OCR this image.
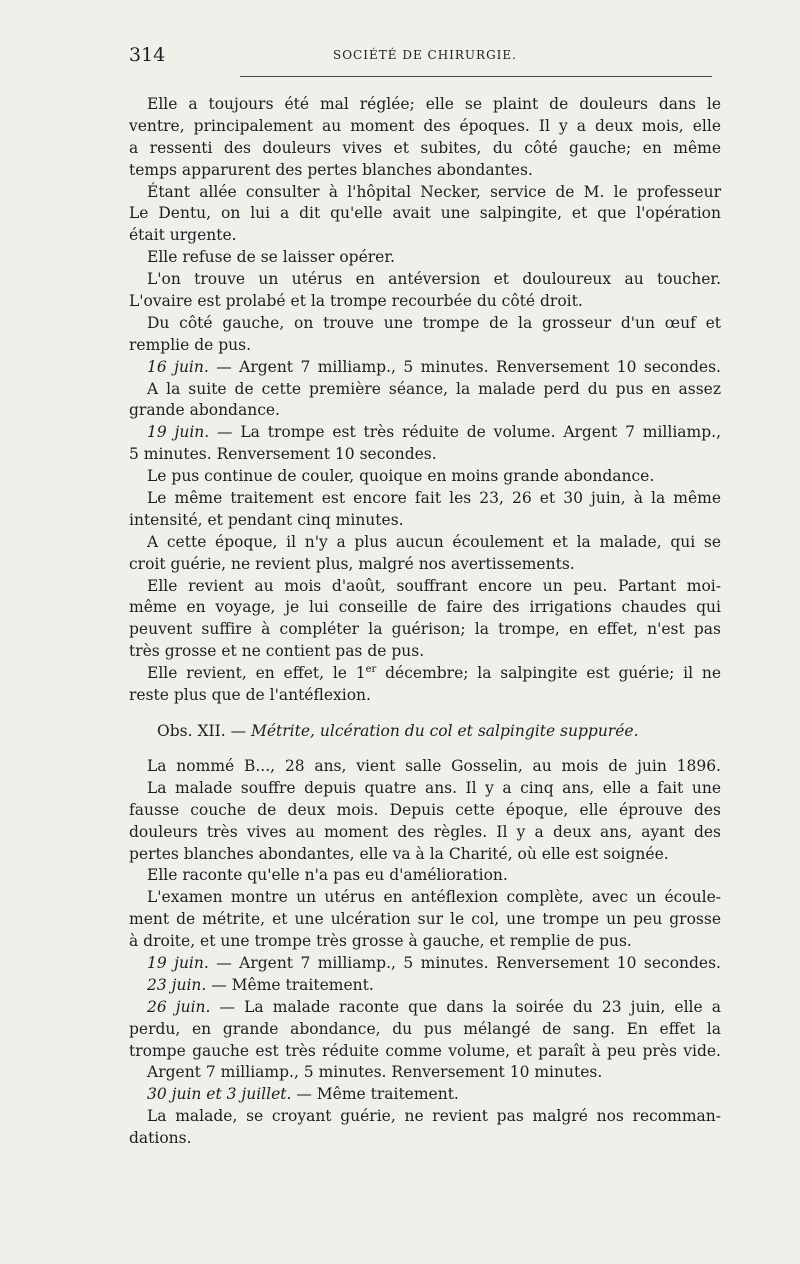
314	SOCIÉTÉ DE CHIRURGIE.
Elle a toujours été mal réglée; elle se plaint de douleurs dans le
ventre, principalement au moment des époques. Il y a deux mois, elle
a ressenti des douleurs vives et subites, du côté gauche; en même
temps apparurent des pertes blanches abondantes.
Étant allée consulter à l'hôpital Necker, service de M. le professeur
Le Dentu, on lui a dit qu'elle avait une salpingite, et que l'opération
était urgente.
Elle refuse de se laisser opérer.
L'on trouve un utérus en antéversion et douloureux au toucher.
L'ovaire est prolabé et la trompe recourbée du côté droit.
Du côté gauche, on trouve une trompe de la grosseur d'un œuf et
remplie de pus.
16 juin. — Argent 7 milliamp., 5 minutes. Renversement 10 secondes.
A la suite de cette première séance, la malade perd du pus en assez
grande abondance.
19 juin. — La trompe est très réduite de volume. Argent 7 milliamp.,
5 minutes. Renversement 10 secondes.
Le pus continue de couler, quoique en moins grande abondance.
Le même traitement est encore fait les 23, 26 et 30 juin, à la même
intensité, et pendant cinq minutes.
A cette époque, il n'y a plus aucun écoulement et la malade, qui se
croit guérie, ne revient plus, malgré nos avertissements.
Elle revient au mois d'août, souffrant encore un peu. Partant moi-
même en voyage, je lui conseille de faire des irrigations chaudes qui
peuvent suffire à compléter la guérison; la trompe, en effet, n'est pas
très grosse et ne contient pas de pus.
Elle revient, en effet, le 1er décembre; la salpingite est guérie; il ne
reste plus que de l'antéflexion.
Obs. XII. — Métrite, ulcération du col et salpingite suppurée.
La nommé B..., 28 ans, vient salle Gosselin, au mois de juin 1896.
La malade souffre depuis quatre ans. Il y a cinq ans, elle a fait une
fausse couche de deux mois. Depuis cette époque, elle éprouve des
douleurs très vives au moment des règles. Il y a deux ans, ayant des
pertes blanches abondantes, elle va à la Charité, où elle est soignée.
Elle raconte qu'elle n'a pas eu d'amélioration.
L'examen montre un utérus en antéflexion complète, avec un écoule-
ment de métrite, et une ulcération sur le col, une trompe un peu grosse
à droite, et une trompe très grosse à gauche, et remplie de pus.
19 juin. — Argent 7 milliamp., 5 minutes. Renversement 10 secondes.
23 juin. — Même traitement.
26 juin. — La malade raconte que dans la soirée du 23 juin, elle a
perdu, en grande abondance, du pus mélangé de sang. En effet la
trompe gauche est très réduite comme volume, et paraît à peu près vide.
Argent 7 milliamp., 5 minutes. Renversement 10 minutes.
30 juin et 3 juillet. — Même traitement.
La malade, se croyant guérie, ne revient pas malgré nos recomman-
dations.
